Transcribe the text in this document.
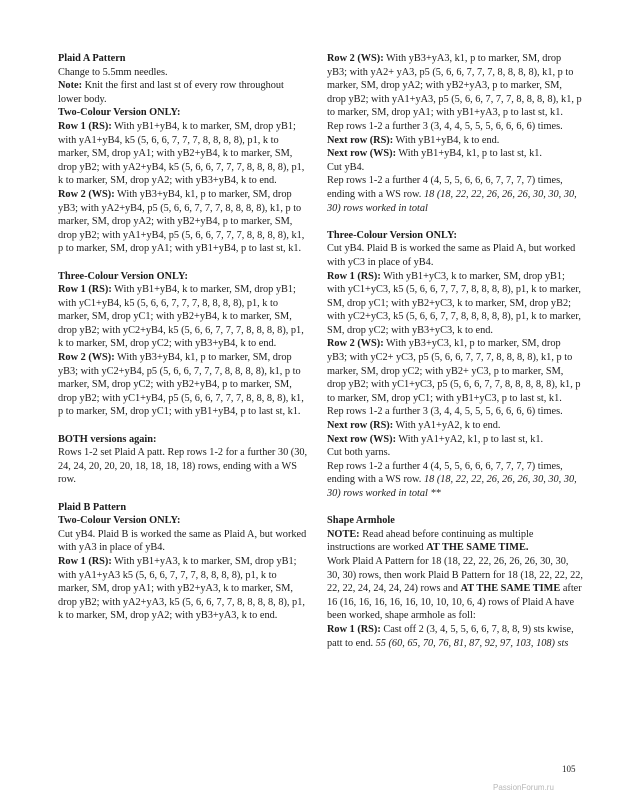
Plaid A Pattern

Change to 5.5mm needles.

Note: Knit the first and last st of every row throughout lower body.

Two-Colour Version ONLY:

Row 1 (RS): With yB1+yB4, k to marker, SM, drop yB1; with yA1+yB4, k5 (5, 6, 6, 7, 7, 7, 8, 8, 8, 8), p1, k to marker, SM, drop yA1; with yB2+yB4, k to marker, SM, drop yB2; with yA2+yB4, k5 (5, 6, 6, 7, 7, 7, 8, 8, 8, 8), p1, k to marker, SM, drop yA2; with yB3+yB4, k to end.

Row 2 (WS): With yB3+yB4, k1, p to marker, SM, drop yB3; with yA2+yB4, p5 (5, 6, 6, 7, 7, 7, 8, 8, 8, 8), k1, p to marker, SM, drop yA2; with yB2+yB4, p to marker, SM, drop yB2; with yA1+yB4, p5 (5, 6, 6, 7, 7, 7, 8, 8, 8, 8), k1, p to marker, SM, drop yA1; with yB1+yB4, p to last st, k1.

Three-Colour Version ONLY:

Row 1 (RS): With yB1+yB4, k to marker, SM, drop yB1; with yC1+yB4, k5 (5, 6, 6, 7, 7, 7, 8, 8, 8, 8), p1, k to marker, SM, drop yC1; with yB2+yB4, k to marker, SM, drop yB2; with yC2+yB4, k5 (5, 6, 6, 7, 7, 7, 8, 8, 8, 8), p1, k to marker, SM, drop yC2; with yB3+yB4, k to end.

Row 2 (WS): With yB3+yB4, k1, p to marker, SM, drop yB3; with yC2+yB4, p5 (5, 6, 6, 7, 7, 7, 8, 8, 8, 8), k1, p to marker, SM, drop yC2; with yB2+yB4, p to marker, SM, drop yB2; with yC1+yB4, p5 (5, 6, 6, 7, 7, 7, 8, 8, 8, 8), k1, p to marker, SM, drop yC1; with yB1+yB4, p to last st, k1.

BOTH versions again:

Rows 1-2 set Plaid A patt. Rep rows 1-2 for a further 30 (30, 24, 24, 20, 20, 20, 18, 18, 18, 18) rows, ending with a WS row.

Plaid B Pattern

Two-Colour Version ONLY:

Cut yB4. Plaid B is worked the same as Plaid A, but worked with yA3 in place of yB4.

Row 1 (RS): With yB1+yA3, k to marker, SM, drop yB1; with yA1+yA3 k5 (5, 6, 6, 7, 7, 7, 8, 8, 8, 8), p1, k to marker, SM, drop yA1; with yB2+yA3, k to marker, SM, drop yB2; with yA2+yA3, k5 (5, 6, 6, 7, 7, 8, 8, 8, 8, 8), p1, k to marker, SM, drop yA2; with yB3+yA3, k to end.

Row 2 (WS): With yB3+yA3, k1, p to marker, SM, drop yB3; with yA2+ yA3, p5 (5, 6, 6, 7, 7, 7, 8, 8, 8, 8), k1, p to marker, SM, drop yA2; with yB2+yA3, p to marker, SM, drop yB2; with yA1+yA3, p5 (5, 6, 6, 7, 7, 7, 8, 8, 8, 8), k1, p to marker, SM, drop yA1; with yB1+yA3, p to last st, k1.

Rep rows 1-2 a further 3 (3, 4, 4, 5, 5, 5, 6, 6, 6, 6) times.

Next row (RS): With yB1+yB4, k to end.

Next row (WS): With yB1+yB4, k1, p to last st, k1.

Cut yB4.

Rep rows 1-2 a further 4 (4, 5, 5, 6, 6, 6, 7, 7, 7, 7) times, ending with a WS row. 18 (18, 22, 22, 26, 26, 26, 30, 30, 30, 30) rows worked in total

Three-Colour Version ONLY:

Cut yB4. Plaid B is worked the same as Plaid A, but worked with yC3 in place of yB4.

Row 1 (RS): With yB1+yC3, k to marker, SM, drop yB1; with yC1+yC3, k5 (5, 6, 6, 7, 7, 7, 8, 8, 8, 8), p1, k to marker, SM, drop yC1; with yB2+yC3, k to marker, SM, drop yB2; with yC2+yC3, k5 (5, 6, 6, 7, 7, 8, 8, 8, 8, 8), p1, k to marker, SM, drop yC2; with yB3+yC3, k to end.

Row 2 (WS): With yB3+yC3, k1, p to marker, SM, drop yB3; with yC2+ yC3, p5 (5, 6, 6, 7, 7, 7, 8, 8, 8, 8), k1, p to marker, SM, drop yC2; with yB2+ yC3, p to marker, SM, drop yB2; with yC1+yC3, p5 (5, 6, 6, 7, 7, 8, 8, 8, 8, 8), k1, p to marker, SM, drop yC1; with yB1+yC3, p to last st, k1.

Rep rows 1-2 a further 3 (3, 4, 4, 5, 5, 5, 6, 6, 6, 6) times.

Next row (RS): With yA1+yA2, k to end.

Next row (WS): With yA1+yA2, k1, p to last st, k1.

Cut both yarns.

Rep rows 1-2 a further 4 (4, 5, 5, 6, 6, 6, 7, 7, 7, 7) times, ending with a WS row. 18 (18, 22, 22, 26, 26, 26, 30, 30, 30, 30) rows worked in total **

Shape Armhole

NOTE: Read ahead before continuing as multiple instructions are worked AT THE SAME TIME.

Work Plaid A Pattern for 18 (18, 22, 22, 26, 26, 26, 30, 30, 30, 30) rows, then work Plaid B Pattern for 18 (18, 22, 22, 22, 22, 22, 24, 24, 24, 24) rows and AT THE SAME TIME after 16 (16, 16, 16, 16, 16, 10, 10, 10, 6, 4) rows of Plaid A have been worked, shape armhole as foll:

Row 1 (RS): Cast off 2 (3, 4, 5, 5, 6, 6, 7, 8, 8, 9) sts kwise, patt to end. 55 (60, 65, 70, 76, 81, 87, 92, 97, 103, 108) sts

105
PassionForum.ru
